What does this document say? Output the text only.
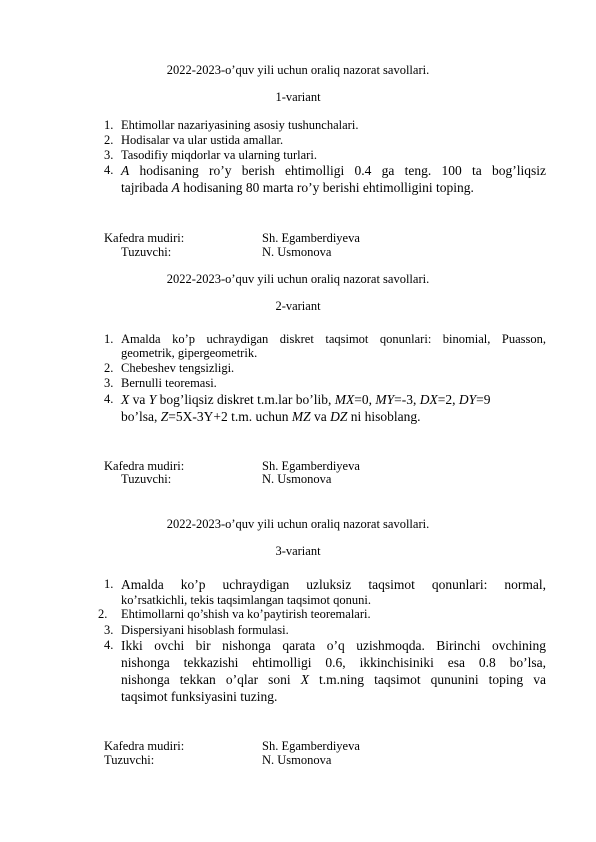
2022-2023-o’quv yili uchun oraliq nazorat savollari.
1-variant
1. Ehtimollar nazariyasining asosiy tushunchalari.
2. Hodisalar va ular ustida amallar.
3. Tasodifiy miqdorlar va ularning turlari.
4. A hodisaning ro’y berish ehtimolligi 0.4 ga teng. 100 ta bog’liqsiz
tajribada A hodisaning 80 marta ro’y berishi ehtimolligini toping.
Kafedra mudiri:	Sh. Egamberdiyeva
Tuzuvchi:	N. Usmonova
2022-2023-o’quv yili uchun oraliq nazorat savollari.
2-variant
1. Amalda ko’p uchraydigan diskret taqsimot qonunlari: binomial, Puasson,
geometrik, gipergeometrik.
2. Chebeshev tengsizligi.
3. Bernulli teoremasi.
4. X va Y bog’liqsiz diskret t.m.lar bo’lib, MX=0, MY=-3, DX=2, DY=9
bo’lsa, Z=5X-3Y+2 t.m. uchun MZ va DZ ni hisoblang.
Kafedra mudiri:	Sh. Egamberdiyeva
Tuzuvchi:	N. Usmonova
2022-2023-o’quv yili uchun oraliq nazorat savollari.
3-variant
1. Amalda ko’p uchraydigan uzluksiz taqsimot qonunlari: normal,
ko’rsatkichli, tekis taqsimlangan taqsimot qonuni.
2. Ehtimollarni qo’shish va ko’paytirish teoremalari.
3. Dispersiyani hisoblash formulasi.
4. Ikki ovchi bir nishonga qarata o’q uzishmoqda. Birinchi ovchining
nishonga tekkazishi ehtimolligi 0.6, ikkinchisiniki esa 0.8 bo’lsa,
nishonga tekkan o’qlar soni X t.m.ning taqsimot qununini toping va
taqsimot funksiyasini tuzing.
Kafedra mudiri:	Sh. Egamberdiyeva
Tuzuvchi:	N. Usmonova
